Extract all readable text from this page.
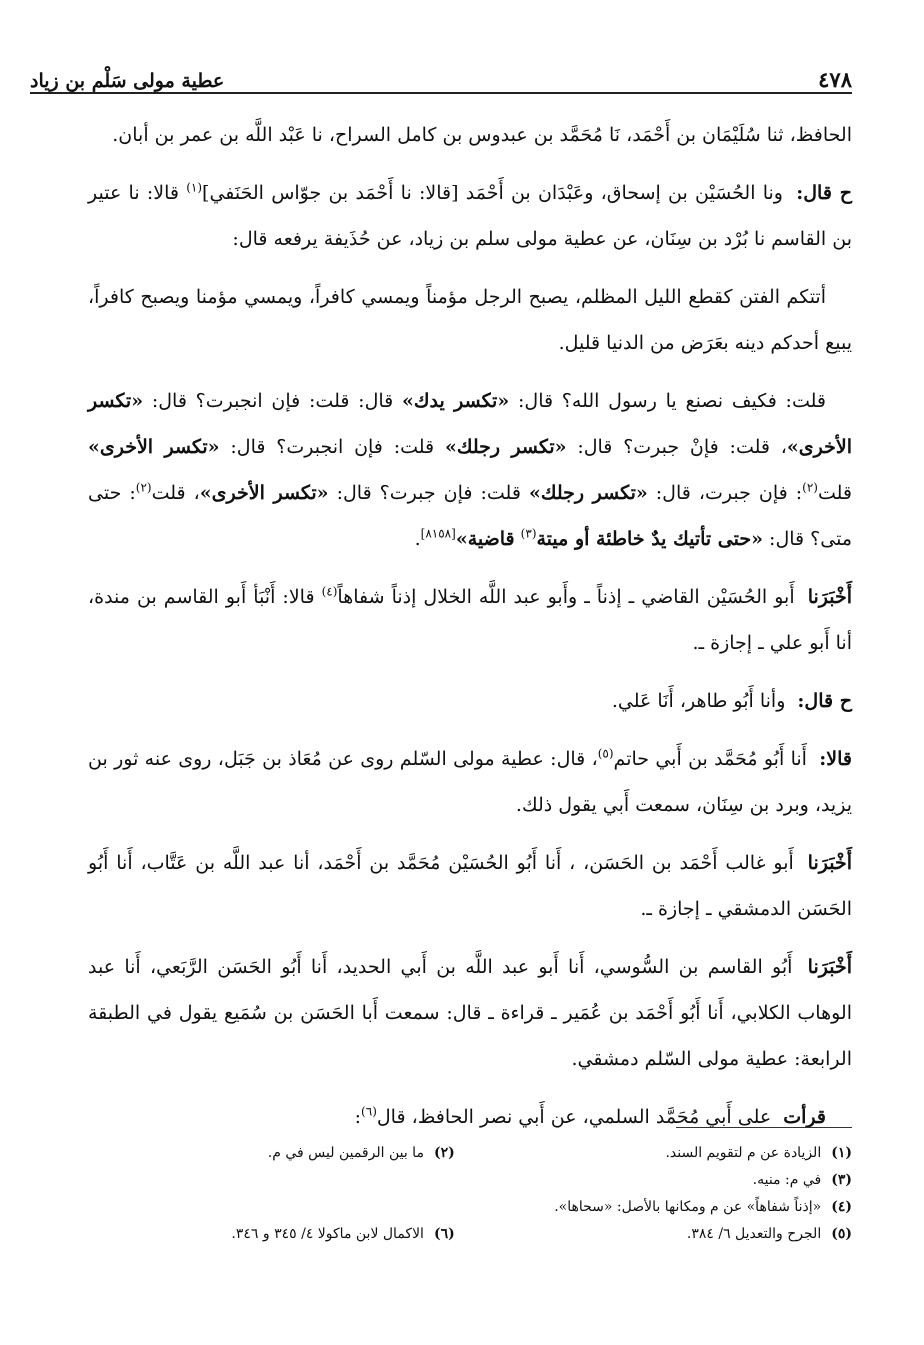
عطية مولى سَلْم بن زياد	٤٧٨

الحافظ، ثنا سُلَيْمَان بن أَحْمَد، نَا مُحَمَّد بن عبدوس بن كامل السراح، نا عَبْد اللَّه بن عمر بن أبان.

ح قال: ونا الحُسَيْن بن إسحاق، وعَبْدَان بن أَحْمَد [قالا: نا أَحْمَد بن جوّاس الحَنَفي]$^{(١)}$ قالا: نا عتير بن القاسم نا بُرْد بن سِنَان، عن عطية مولى سلم بن زياد، عن حُذَيفة يرفعه قال:

أتتكم الفتن كقطع الليل المظلم، يصبح الرجل مؤمناً ويمسي كافراً، ويمسي مؤمنا ويصبح كافراً، يبيع أحدكم دينه بعَرَض من الدنيا قليل.

قلت: فكيف نصنع يا رسول الله؟ قال: «تكسر يدك» قال: قلت: فإن انجبرت؟ قال: «تكسر الأخرى»، قلت: فإنْ جبرت؟ قال: «تكسر رجلك» قلت: فإن انجبرت؟ قال: «تكسر الأخرى» قلت$^{(٢)}$: فإن جبرت، قال: «تكسر رجلك» قلت: فإن جبرت؟ قال: «تكسر الأخرى»، قلت$^{(٢)}$: حتى متى؟ قال: «حتى تأتيك يدٌ خاطئة أو ميتة$^{(٣)}$ قاضية»[٨١٥٨].

أَخْبَرَنا أَبو الحُسَيْن القاضي ـ إذناً ـ وأَبو عبد اللَّه الخلال إذناً شفاهاً$^{(٤)}$ قالا: أَنْبَأ أَبو القاسم بن مندة، أنا أَبو علي ـ إجازة ـ.

ح قال: وأنا أَبُو طاهر، أَنَا عَلي.

قالا: أَنا أَبُو مُحَمَّد بن أَبي حاتم$^{(٥)}$، قال: عطية مولى السّلم روى عن مُعَاذ بن جَبَل، روى عنه ثور بن يزيد، وبرد بن سِنَان، سمعت أَبي يقول ذلك.

أَخْبَرَنا أَبو غالب أَحْمَد بن الحَسَن، ، أَنا أَبُو الحُسَيْن مُحَمَّد بن أَحْمَد، أنا عبد اللَّه بن عَتَّاب، أَنا أَبُو الحَسَن الدمشقي ـ إجازة ـ.

أَخْبَرَنا أَبُو القاسم بن السُّوسي، أَنا أَبو عبد اللَّه بن أَبي الحديد، أَنا أَبُو الحَسَن الرَّبَعي، أَنا عبد الوهاب الكلابي، أَنا أَبُو أَحْمَد بن عُمَير ـ قراءة ـ قال: سمعت أَبا الحَسَن بن سُمَيع يقول في الطبقة الرابعة: عطية مولى السّلم دمشقي.

قرأت على أَبي مُحَمَّد السلمي، عن أَبي نصر الحافظ، قال$^{(٦)}$:

(١)
الزيادة عن م لتقويم السند.
(٢)
ما بين الرقمين ليس في م.
(٣)
في م: منيه.
(٤)
«إذناً شفاهاً» عن م ومكانها بالأصل: «سحاها».
(٥)
الجرح والتعديل ٦/ ٣٨٤.
(٦)
الاكمال لابن ماكولا ٤/ ٣٤٥ و ٣٤٦.
